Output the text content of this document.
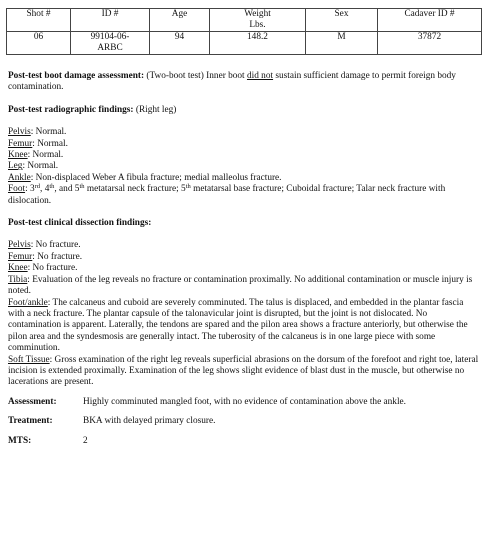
Shot #	ID #	Age	Weight Lbs.	Sex	Cadaver ID #
06	99104-06-ARBC	94	148.2	M	37872

Post-test boot damage assessment: (Two-boot test) Inner boot did not sustain sufficient damage to permit foreign body contamination.

Post-test radiographic findings: (Right leg)

Pelvis: Normal.

Femur: Normal.

Knee: Normal.

Leg: Normal.

Ankle: Non-displaced Weber A fibula fracture; medial malleolus fracture.

Foot: 3rd, 4th, and 5th metatarsal neck fracture; 5th metatarsal base fracture; Cuboidal fracture; Talar neck fracture with dislocation.

Post-test clinical dissection findings:

Pelvis: No fracture.

Femur: No fracture.

Knee: No fracture.

Tibia: Evaluation of the leg reveals no fracture or contamination proximally. No additional contamination or muscle injury is noted.

Foot/ankle: The calcaneus and cuboid are severely comminuted. The talus is displaced, and embedded in the plantar fascia with a neck fracture. The plantar capsule of the talonavicular joint is disrupted, but the joint is not dislocated. No contamination is apparent. Laterally, the tendons are spared and the pilon area shows a fracture anteriorly, but otherwise the pilon area and the syndesmosis are generally intact. The tuberosity of the calcaneus is in one large piece with some comminution.

Soft Tissue: Gross examination of the right leg reveals superficial abrasions on the dorsum of the forefoot and right toe, lateral incision is extended proximally. Examination of the leg shows slight evidence of blast dust in the muscle, but otherwise no lacerations are present.

Assessment:	Highly comminuted mangled foot, with no evidence of contamination above the ankle.
Treatment:	BKA with delayed primary closure.
MTS:	2
